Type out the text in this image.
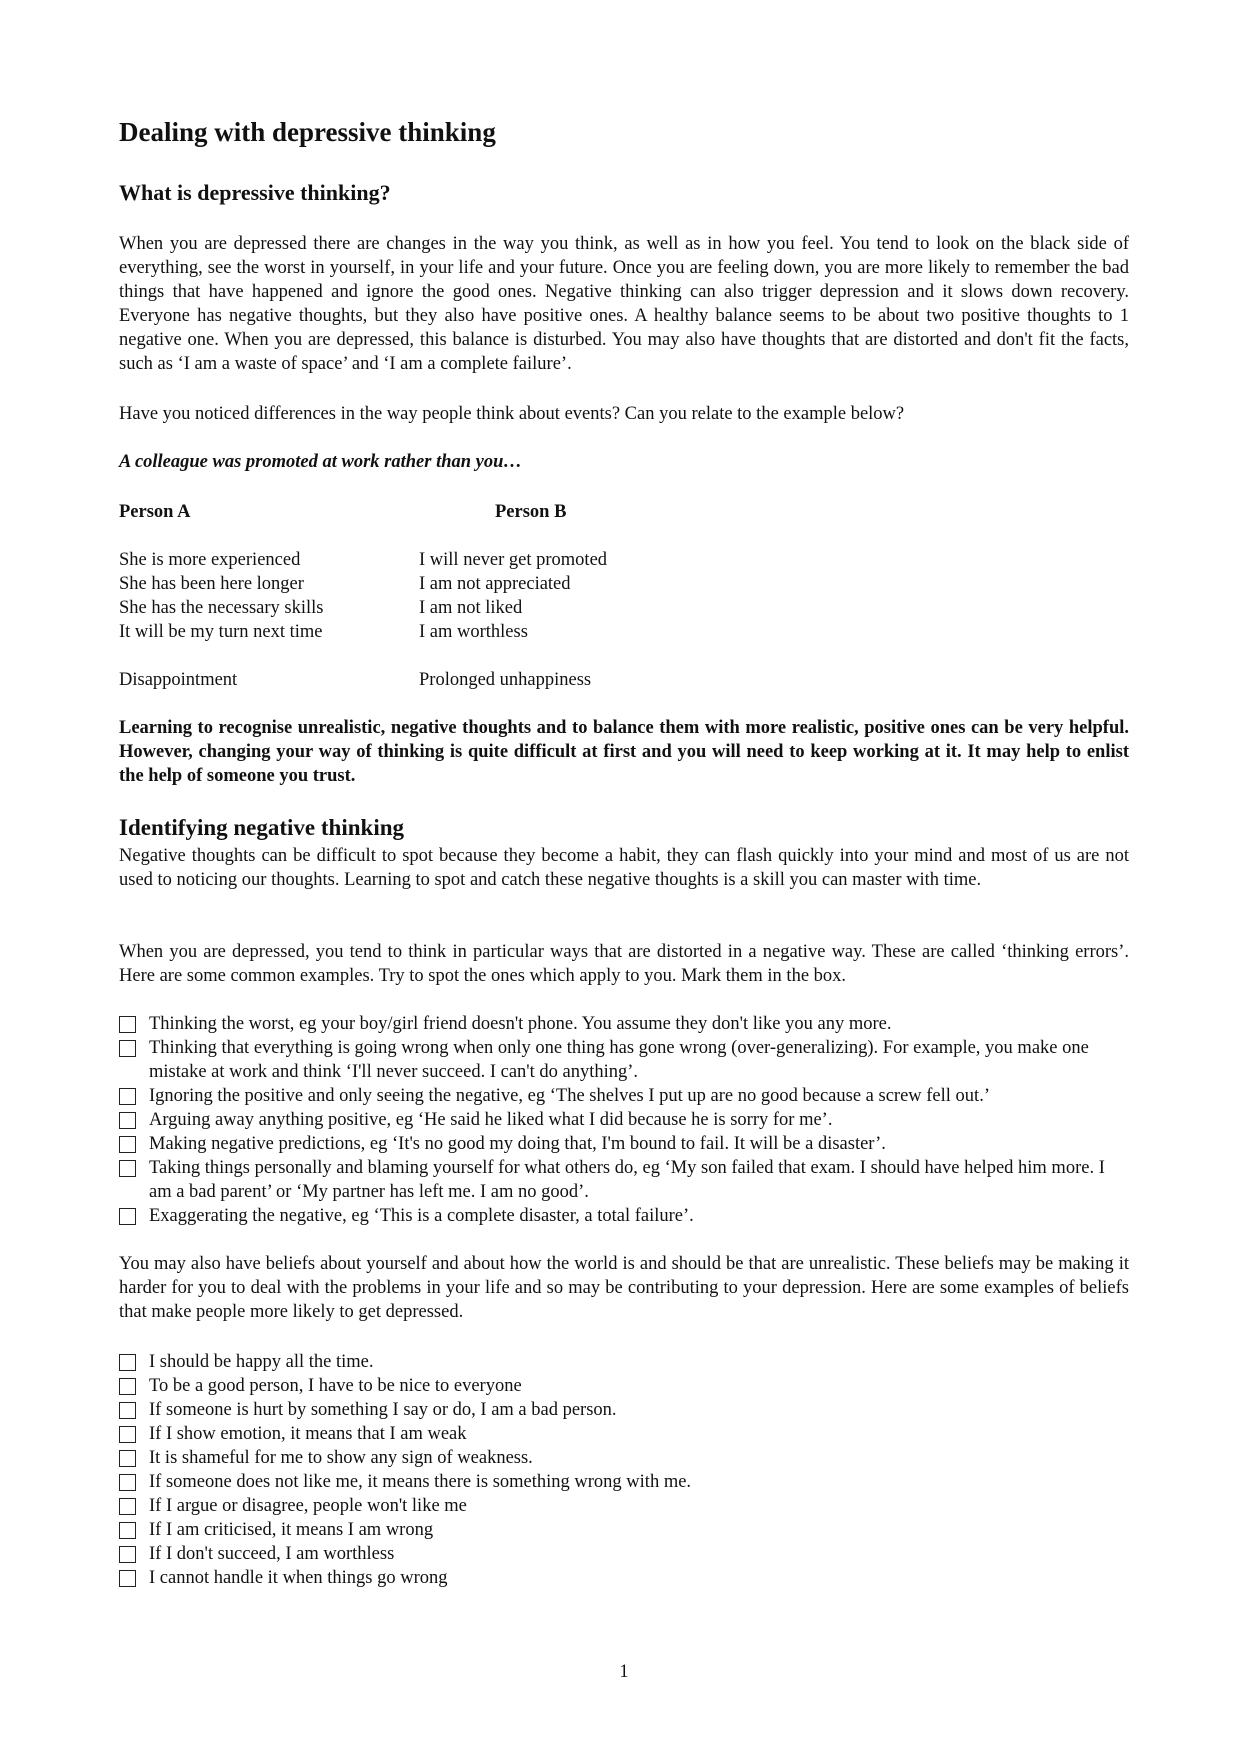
Dealing with depressive thinking
What is depressive thinking?

When you are depressed there are changes in the way you think, as well as in how you feel. You tend to look on the black side of everything, see the worst in yourself, in your life and your future. Once you are feeling down, you are more likely to remember the bad things that have happened and ignore the good ones. Negative thinking can also trigger depression and it slows down recovery. Everyone has negative thoughts, but they also have positive ones. A healthy balance seems to be about two positive thoughts to 1 negative one. When you are depressed, this balance is disturbed. You may also have thoughts that are distorted and don't fit the facts, such as ‘I am a waste of space’ and ‘I am a complete failure’.

Have you noticed differences in the way people think about events? Can you relate to the example below?

A colleague was promoted at work rather than you…

Person A	Person B
She is more experienced
She has been here longer
She has the necessary skills
It will be my turn next time
I will never get promoted
I am not appreciated
I am not liked
I am worthless
Disappointment	Prolonged unhappiness

Learning to recognise unrealistic, negative thoughts and to balance them with more realistic, positive ones can be very helpful. However, changing your way of thinking is quite difficult at first and you will need to keep working at it. It may help to enlist the help of someone you trust.

Identifying negative thinking

Negative thoughts can be difficult to spot because they become a habit, they can flash quickly into your mind and most of us are not used to noticing our thoughts. Learning to spot and catch these negative thoughts is a skill you can master with time.

When you are depressed, you tend to think in particular ways that are distorted in a negative way. These are called ‘thinking errors’. Here are some common examples. Try to spot the ones which apply to you. Mark them in the box.

Thinking the worst, eg your boy/girl friend doesn't phone. You assume they don't like you any more.
Thinking that everything is going wrong when only one thing has gone wrong (over-generalizing). For example, you make one mistake at work and think ‘I'll never succeed. I can't do anything’.
Ignoring the positive and only seeing the negative, eg ‘The shelves I put up are no good because a screw fell out.’
Arguing away anything positive, eg ‘He said he liked what I did because he is sorry for me’.
Making negative predictions, eg ‘It's no good my doing that, I'm bound to fail. It will be a disaster’.
Taking things personally and blaming yourself for what others do, eg ‘My son failed that exam. I should have helped him more. I am a bad parent’ or ‘My partner has left me. I am no good’.
Exaggerating the negative, eg ‘This is a complete disaster, a total failure’.

You may also have beliefs about yourself and about how the world is and should be that are unrealistic. These beliefs may be making it harder for you to deal with the problems in your life and so may be contributing to your depression. Here are some examples of beliefs that make people more likely to get depressed.

I should be happy all the time.
To be a good person, I have to be nice to everyone
If someone is hurt by something I say or do, I am a bad person.
If I show emotion, it means that I am weak
It is shameful for me to show any sign of weakness.
If someone does not like me, it means there is something wrong with me.
If I argue or disagree, people won't like me
If I am criticised, it means I am wrong
If I don't succeed, I am worthless
I cannot handle it when things go wrong
1
